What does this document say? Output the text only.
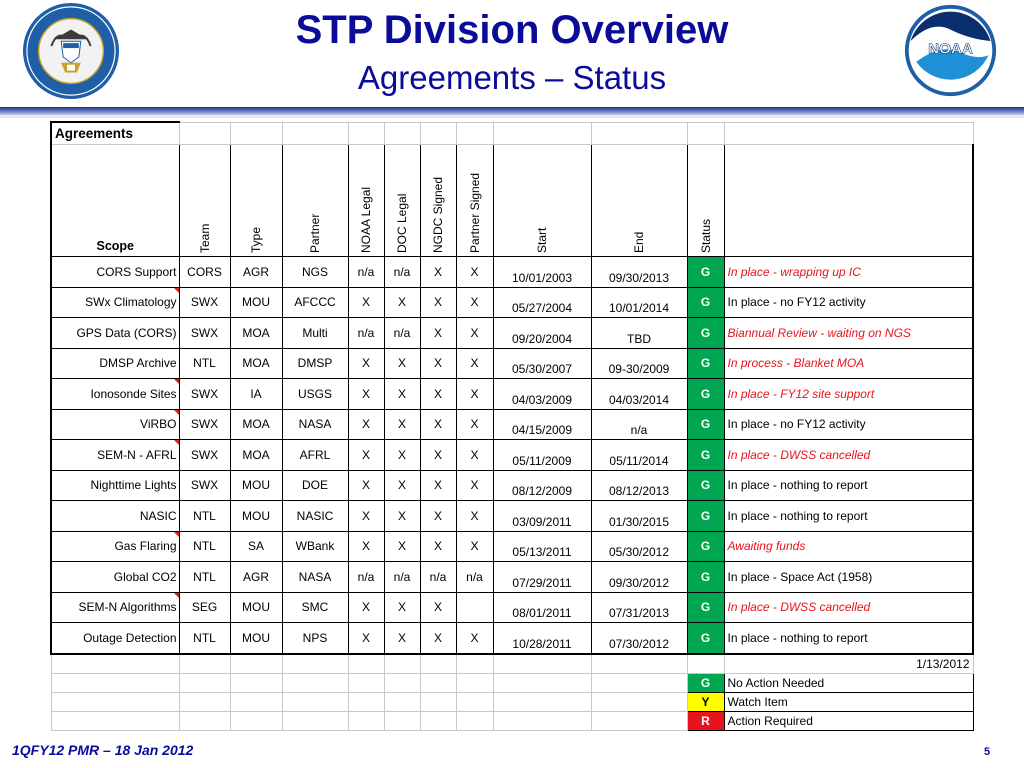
NOAA
STP Division Overview
Agreements – Status
Agreements											
Scope	Team	Type	Partner	NOAA Legal	DOC Legal	NGDC Signed	Partner Signed	Start	End	Status	

CORS Support	CORS	AGR	NGS	n/a	n/a	X	X	10/01/2003	09/30/2013	G	In place - wrapping up IC
SWx Climatology	SWX	MOU	AFCCC	X	X	X	X	05/27/2004	10/01/2014	G	In place - no FY12 activity
GPS Data (CORS)	SWX	MOA	Multi	n/a	n/a	X	X	09/20/2004	TBD	G	Biannual Review - waiting on NGS
DMSP Archive	NTL	MOA	DMSP	X	X	X	X	05/30/2007	09-30/2009	G	In process - Blanket MOA
Ionosonde Sites	SWX	IA	USGS	X	X	X	X	04/03/2009	04/03/2014	G	In place - FY12 site support
ViRBO	SWX	MOA	NASA	X	X	X	X	04/15/2009	n/a	G	In place - no FY12 activity
SEM-N - AFRL	SWX	MOA	AFRL	X	X	X	X	05/11/2009	05/11/2014	G	In place - DWSS cancelled
Nighttime Lights	SWX	MOU	DOE	X	X	X	X	08/12/2009	08/12/2013	G	In place - nothing to report
NASIC	NTL	MOU	NASIC	X	X	X	X	03/09/2011	01/30/2015	G	In place - nothing to report
Gas Flaring	NTL	SA	WBank	X	X	X	X	05/13/2011	05/30/2012	G	Awaiting funds
Global CO2	NTL	AGR	NASA	n/a	n/a	n/a	n/a	07/29/2011	09/30/2012	G	In place - Space Act (1958)
SEM-N Algorithms	SEG	MOU	SMC	X	X	X		08/01/2011	07/31/2013	G	In place - DWSS cancelled
Outage Detection	NTL	MOU	NPS	X	X	X	X	10/28/2011	07/30/2012	G	In place - nothing to report
											1/13/2012
										G	No Action Needed
										Y	Watch Item
										R	Action Required
1QFY12 PMR – 18 Jan 2012	5
